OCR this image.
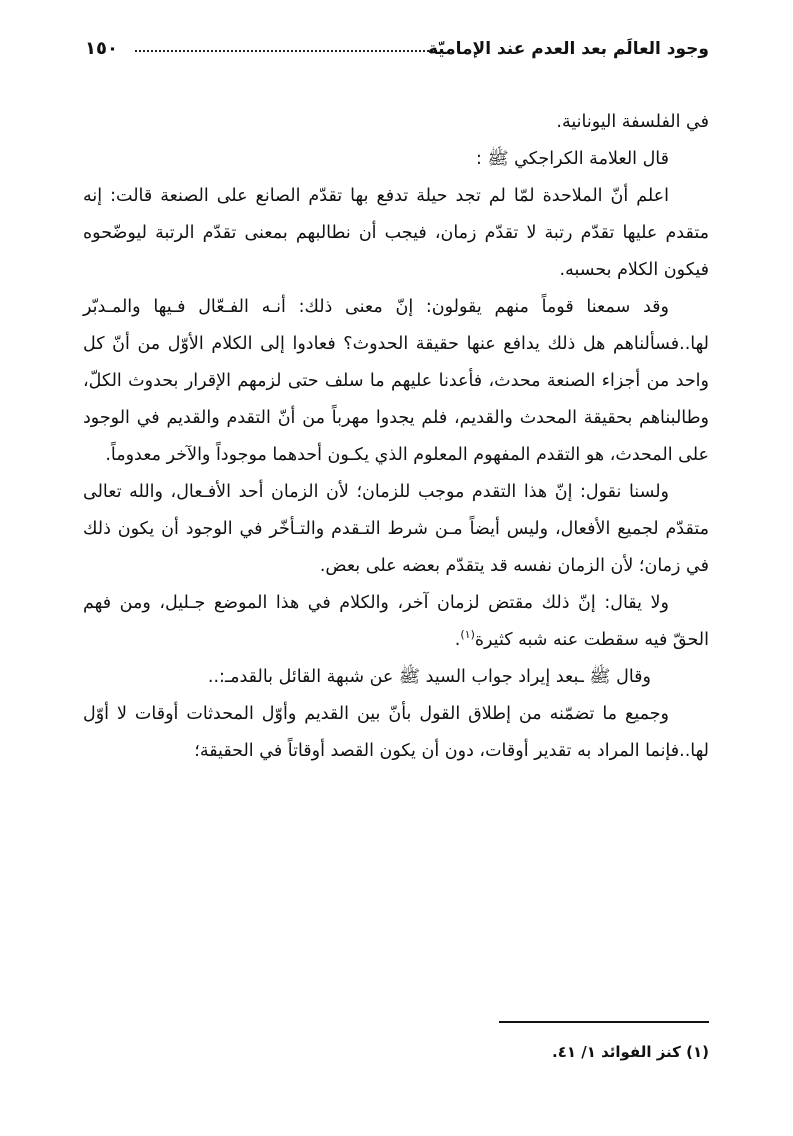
١٥٠	وجود العالَم بعد العدم عند الإماميّة

في الفلسفة اليونانية.

قال العلامة الكراجكي ﷺ :

اعلم أنّ الملاحدة لمّا لم تجد حيلة تدفع بها تقدّم الصانع على الصنعة قالت: إنه متقدم عليها تقدّم رتبة لا تقدّم زمان، فيجب أن نطالبهم بمعنى تقدّم الرتبة ليوضّحوه فيكون الكلام بحسبه.

وقد سمعنا قوماً منهم يقولون: إنّ معنى ذلك: أنـه الفـعّال فـيها والمـدبّر لها..فسألناهم هل ذلك يدافع عنها حقيقة الحدوث؟ فعادوا إلى الكلام الأوّل من أنّ كل واحد من أجزاء الصنعة محدث، فأعدنا عليهم ما سلف حتى لزمهم الإقرار بحدوث الكلّ، وطالبناهم بحقيقة المحدث والقديم، فلم يجدوا مهرباً من أنّ التقدم والقديم في الوجود على المحدث، هو التقدم المفهوم المعلوم الذي يكـون أحدهما موجوداً والآخر معدوماً.

ولسنا نقول: إنّ هذا التقدم موجب للزمان؛ لأن الزمان أحد الأفـعال، والله تعالى متقدّم لجميع الأفعال، وليس أيضاً مـن شرط التـقدم والتـأخّر في الوجود أن يكون ذلك في زمان؛ لأن الزمان نفسه قد يتقدّم بعضه على بعض.

ولا يقال: إنّ ذلك مقتض لزمان آخر، والكلام في هذا الموضع جـليل، ومن فهم الحقّ فيه سقطت عنه شبه كثيرة$^{(١)}$.

وقال ﷺ ـبعد إيراد جواب السيد ﷺ عن شبهة القائل بالقدمـ:..

وجميع ما تضمّنه من إطلاق القول بأنّ بين القديم وأوّل المحدثات أوقات لا أوّل لها..فإنما المراد به تقدير أوقات، دون أن يكون القصد أوقاتاً في الحقيقة؛

(١) كنز الفوائد ١/ ٤١.
